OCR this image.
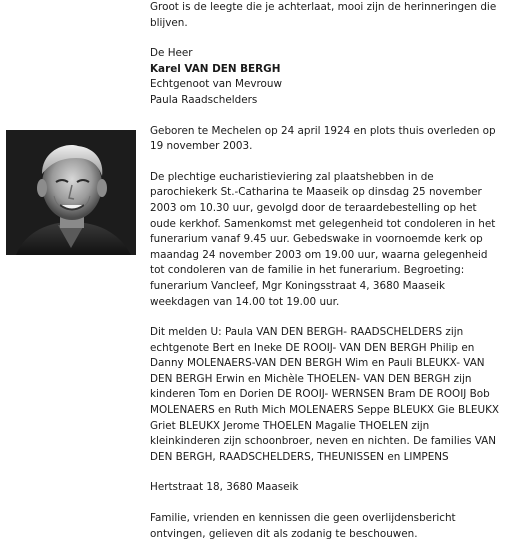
Groot is de leegte die je achterlaat, mooi zijn de herinneringen die blijven.

De Heer

Karel VAN DEN BERGH

Echtgenoot van Mevrouw

Paula Raadschelders

Geboren te Mechelen op 24 april 1924 en plots thuis overleden op 19 november 2003.

De plechtige eucharistieviering zal plaatshebben in de parochiekerk St.-Catharina te Maaseik op dinsdag 25 november 2003 om 10.30 uur, gevolgd door de teraardebestelling op het oude kerkhof. Samenkomst met gelegenheid tot condoleren in het funerarium vanaf 9.45 uur. Gebedswake in voornoemde kerk op maandag 24 november 2003 om 19.00 uur, waarna gelegenheid tot condoleren van de familie in het funerarium. Begroeting: funerarium Vancleef, Mgr Koningsstraat 4, 3680 Maaseik weekdagen van 14.00 tot 19.00 uur.

Dit melden U: Paula VAN DEN BERGH- RAADSCHELDERS zijn echtgenote Bert en Ineke DE ROOIJ- VAN DEN BERGH Philip en Danny MOLENAERS-VAN DEN BERGH Wim en Pauli BLEUKX- VAN DEN BERGH Erwin en Michèle THOELEN- VAN DEN BERGH zijn kinderen Tom en Dorien DE ROOIJ- WERNSEN Bram DE ROOIJ Bob MOLENAERS en Ruth Mich MOLENAERS Seppe BLEUKX Gie BLEUKX Griet BLEUKX Jerome THOELEN Magalie THOELEN zijn kleinkinderen zijn schoonbroer, neven en nichten. De families VAN DEN BERGH, RAADSCHELDERS, THEUNISSEN en LIMPENS

Hertstraat 18, 3680 Maaseik

Familie, vrienden en kennissen die geen overlijdensbericht ontvingen, gelieven dit als zodanig te beschouwen.
